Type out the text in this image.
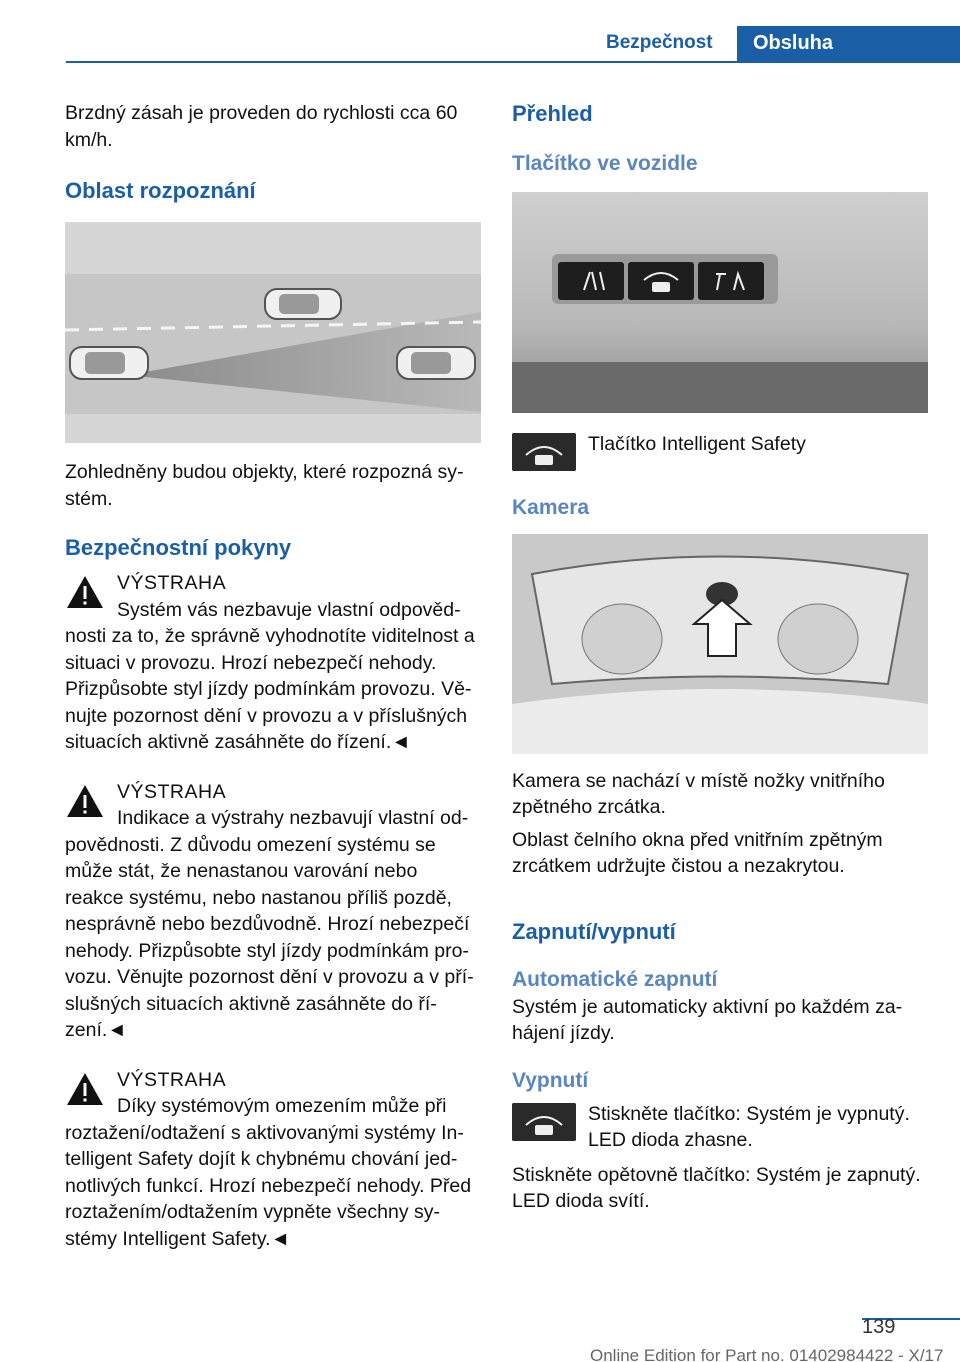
Bezpečnost	Obsluha

Brzdný zásah je proveden do rychlosti cca 60 km/h.

Oblast rozpoznání

Zohledněny budou objekty, které rozpozná systém.

Bezpečnostní pokyny
VÝSTRAHA
Systém vás nezbavuje vlastní odpovědnosti za to, že správně vyhodnotíte viditelnost a situaci v provozu. Hrozí nebezpečí nehody. Přizpůsobte styl jízdy podmínkám provozu. Věnujte pozornost dění v provozu a v příslušných situacích aktivně zasáhněte do řízení.◄
VÝSTRAHA
Indikace a výstrahy nezbavují vlastní odpovědnosti. Z důvodu omezení systému se může stát, že nenastanou varování nebo reakce systému, nebo nastanou příliš pozdě, nesprávně nebo bezdůvodně. Hrozí nebezpečí nehody. Přizpůsobte styl jízdy podmínkám provozu. Věnujte pozornost dění v provozu a v příslušných situacích aktivně zasáhněte do řízení.◄
VÝSTRAHA
Díky systémovým omezením může při roztažení/odtažení s aktivovanými systémy Intelligent Safety dojít k chybnému chování jednotlivých funkcí. Hrozí nebezpečí nehody. Před roztažením/odtažením vypněte všechny systémy Intelligent Safety.◄
Přehled
Tlačítko ve vozidle

Tlačítko Intelligent Safety

Kamera

Kamera se nachází v místě nožky vnitřního zpětného zrcátka.

Oblast čelního okna před vnitřním zpětným zrcátkem udržujte čistou a nezakrytou.

Zapnutí/vypnutí
Automatické zapnutí

Systém je automaticky aktivní po každém zahájení jízdy.

Vypnutí

Stiskněte tlačítko: Systém je vypnutý. LED dioda zhasne.

Stiskněte opětovně tlačítko: Systém je zapnutý. LED dioda svítí.

139
Online Edition for Part no. 01402984422 - X/17
